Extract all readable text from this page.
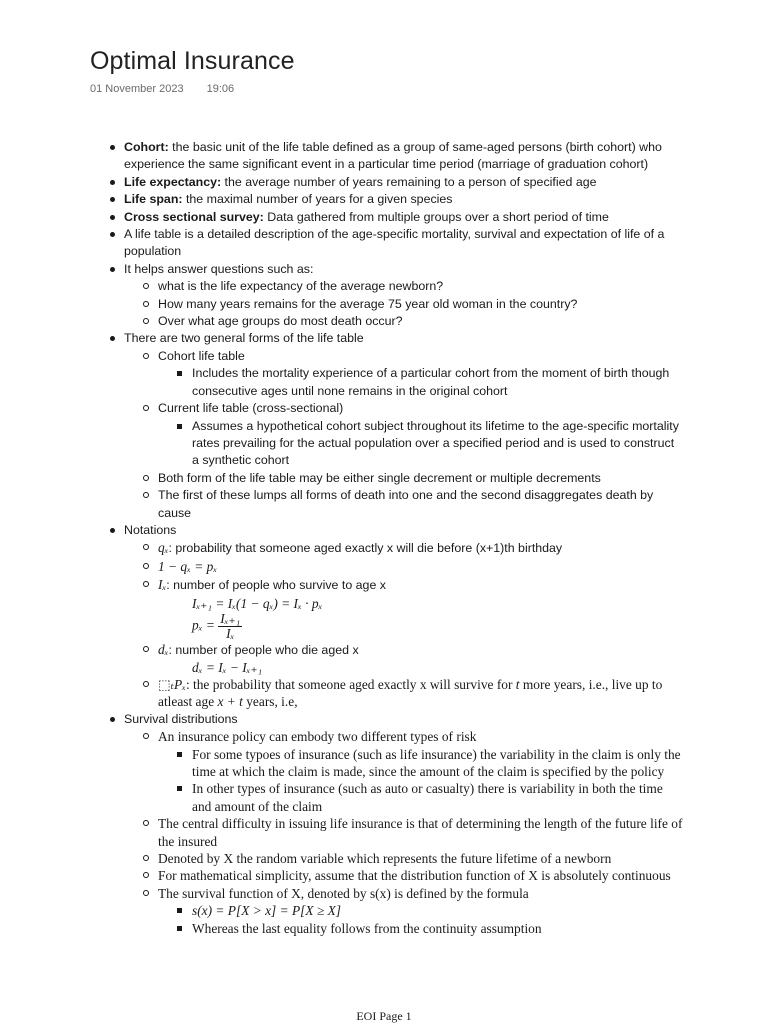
Optimal Insurance
01 November 2023 19:06
Cohort: the basic unit of the life table defined as a group of same-aged persons (birth cohort) who experience the same significant event in a particular time period (marriage of graduation cohort)
Life expectancy: the average number of years remaining to a person of specified age
Life span: the maximal number of years for a given species
Cross sectional survey: Data gathered from multiple groups over a short period of time
A life table is a detailed description of the age-specific mortality, survival and expectation of life of a population
It helps answer questions such as:
what is the life expectancy of the average newborn?
How many years remains for the average 75 year old woman in the country?
Over what age groups do most death occur?
There are two general forms of the life table
Cohort life table
Includes the mortality experience of a particular cohort from the moment of birth though consecutive ages until none remains in the original cohort
Current life table (cross-sectional)
Assumes a hypothetical cohort subject throughout its lifetime to the age-specific mortality rates prevailing for the actual population over a specified period and is used to construct a synthetic cohort
Both form of the life table may be either single decrement or multiple decrements
The first of these lumps all forms of death into one and the second disaggregates death by cause
Notations
qₓ: probability that someone aged exactly x will die before (x+1)th birthday
1 − qₓ = pₓ
Iₓ: number of people who survive to age x
Iₓ₊₁ = Iₓ(1 − qₓ) = Iₓ · pₓ
$p_x = \frac{\text{Iₓ₊₁}}{\text{Iₓ}}$
dₓ: number of people who die aged x
dₓ = Iₓ − Iₓ₊₁
⬚ₜPₓ: the probability that someone aged exactly x will survive for t more years, i.e., live up to atleast age x + t years, i.e,
Survival distributions
An insurance policy can embody two different types of risk
For some typoes of insurance (such as life insurance) the variability in the claim is only the time at which the claim is made, since the amount of the claim is specified by the policy
In other types of insurance (such as auto or casualty) there is variability in both the time and amount of the claim
The central difficulty in issuing life insurance is that of determining the length of the future life of the insured
Denoted by X the random variable which represents the future lifetime of a newborn
For mathematical simplicity, assume that the distribution function of X is absolutely continuous
The survival function of X, denoted by s(x) is defined by the formula
s(x) = P[X > x] = P[X ≥ X]
Whereas the last equality follows from the continuity assumption
EOI Page 1
